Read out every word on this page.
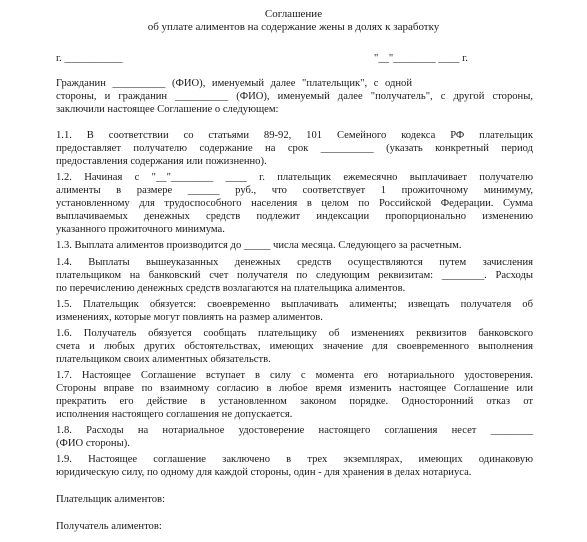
Соглашение
об уплате алиментов на содержание жены в долях к заработку
г. ___________	"__"________ ____ г.
Гражданин __________ (ФИО), именуемый далее "плательщик", с одной
стороны, и гражданин __________ (ФИО), именуемый далее "получатель", с другой стороны,
заключили настоящее Соглашение о следующем:
1.1. В соответствии со статьями 89-92, 101 Семейного кодекса РФ плательщик
предоставляет получателю содержание на срок __________ (указать конкретный период
предоставления содержания или пожизненно).
1.2. Начиная с "__"________ ____ г. плательщик ежемесячно выплачивает получателю
алименты в размере ______ руб., что соответствует 1 прожиточному минимуму,
установленному для трудоспособного населения в целом по Российской Федерации. Сумма
выплачиваемых денежных средств подлежит индексации пропорционально изменению
указанного прожиточного минимума.
1.3. Выплата алиментов производится до _____ числа месяца. Следующего за расчетным.
1.4. Выплаты вышеуказанных денежных средств осуществляются путем зачисления
плательщиком на банковский счет получателя по следующим реквизитам: ________. Расходы
по перечислению денежных средств возлагаются на плательщика алиментов.
1.5. Плательщик обязуется: своевременно выплачивать алименты; извещать получателя об
изменениях, которые могут повлиять на размер алиментов.
1.6. Получатель обязуется сообщать плательщику об изменениях реквизитов банковского
счета и любых других обстоятельствах, имеющих значение для своевременного выполнения
плательщиком своих алиментных обязательств.
1.7. Настоящее Соглашение вступает в силу с момента его нотариального удостоверения.
Стороны вправе по взаимному согласию в любое время изменить настоящее Соглашение или
прекратить его действие в установленном законом порядке. Односторонний отказ от
исполнения настоящего соглашения не допускается.
1.8. Расходы на нотариальное удостоверение настоящего соглашения несет ________
(ФИО стороны).
1.9. Настоящее соглашение заключено в трех экземплярах, имеющих одинаковую
юридическую силу, по одному для каждой стороны, один - для хранения в делах нотариуса.
Плательщик алиментов:
Получатель алиментов:
